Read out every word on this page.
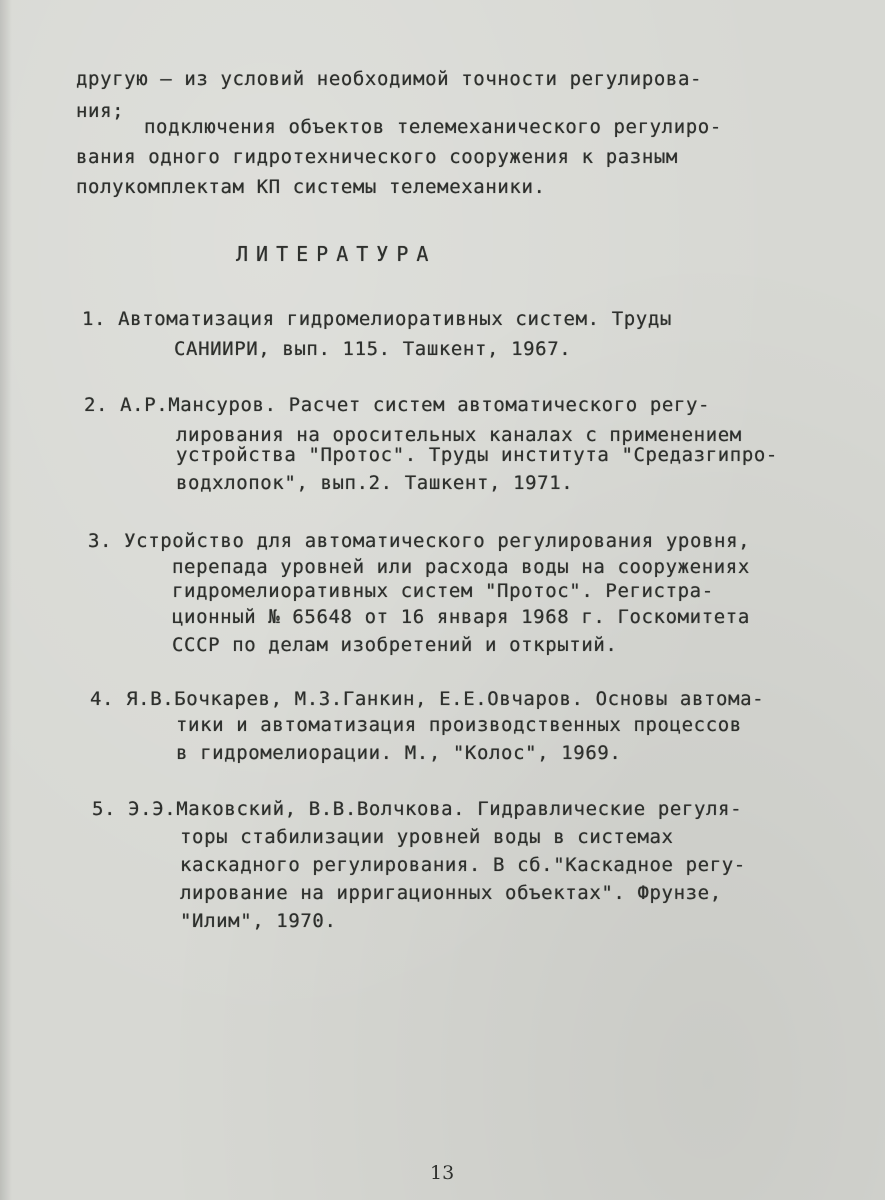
другую – из условий необходимой точности регулирова-
ния;
подключения объектов телемеханического регулиро-
вания одного гидротехнического сооружения к разным
полукомплектам КП системы телемеханики.
ЛИТЕРАТУРА
1. Автоматизация гидромелиоративных систем. Труды
САНИИРИ, вып. 115. Ташкент, 1967.
2. А.Р.Мансуров. Расчет систем автоматического регу-
лирования на оросительных каналах с применением
устройства "Протос". Труды института "Средазгипро-
водхлопок", вып.2. Ташкент, 1971.
3. Устройство для автоматического регулирования уровня,
перепада уровней или расхода воды на сооружениях
гидромелиоративных систем "Протос". Регистра-
ционный № 65648 от 16 января 1968 г. Госкомитета
СССР по делам изобретений и открытий.
4. Я.В.Бочкарев, М.З.Ганкин, Е.Е.Овчаров. Основы автома-
тики и автоматизация производственных процессов
в гидромелиорации. М., "Колос", 1969.
5. Э.Э.Маковский, В.В.Волчкова. Гидравлические регуля-
торы стабилизации уровней воды в системах
каскадного регулирования. В сб."Каскадное регу-
лирование на ирригационных объектах". Фрунзе,
"Илим", 1970.
13
